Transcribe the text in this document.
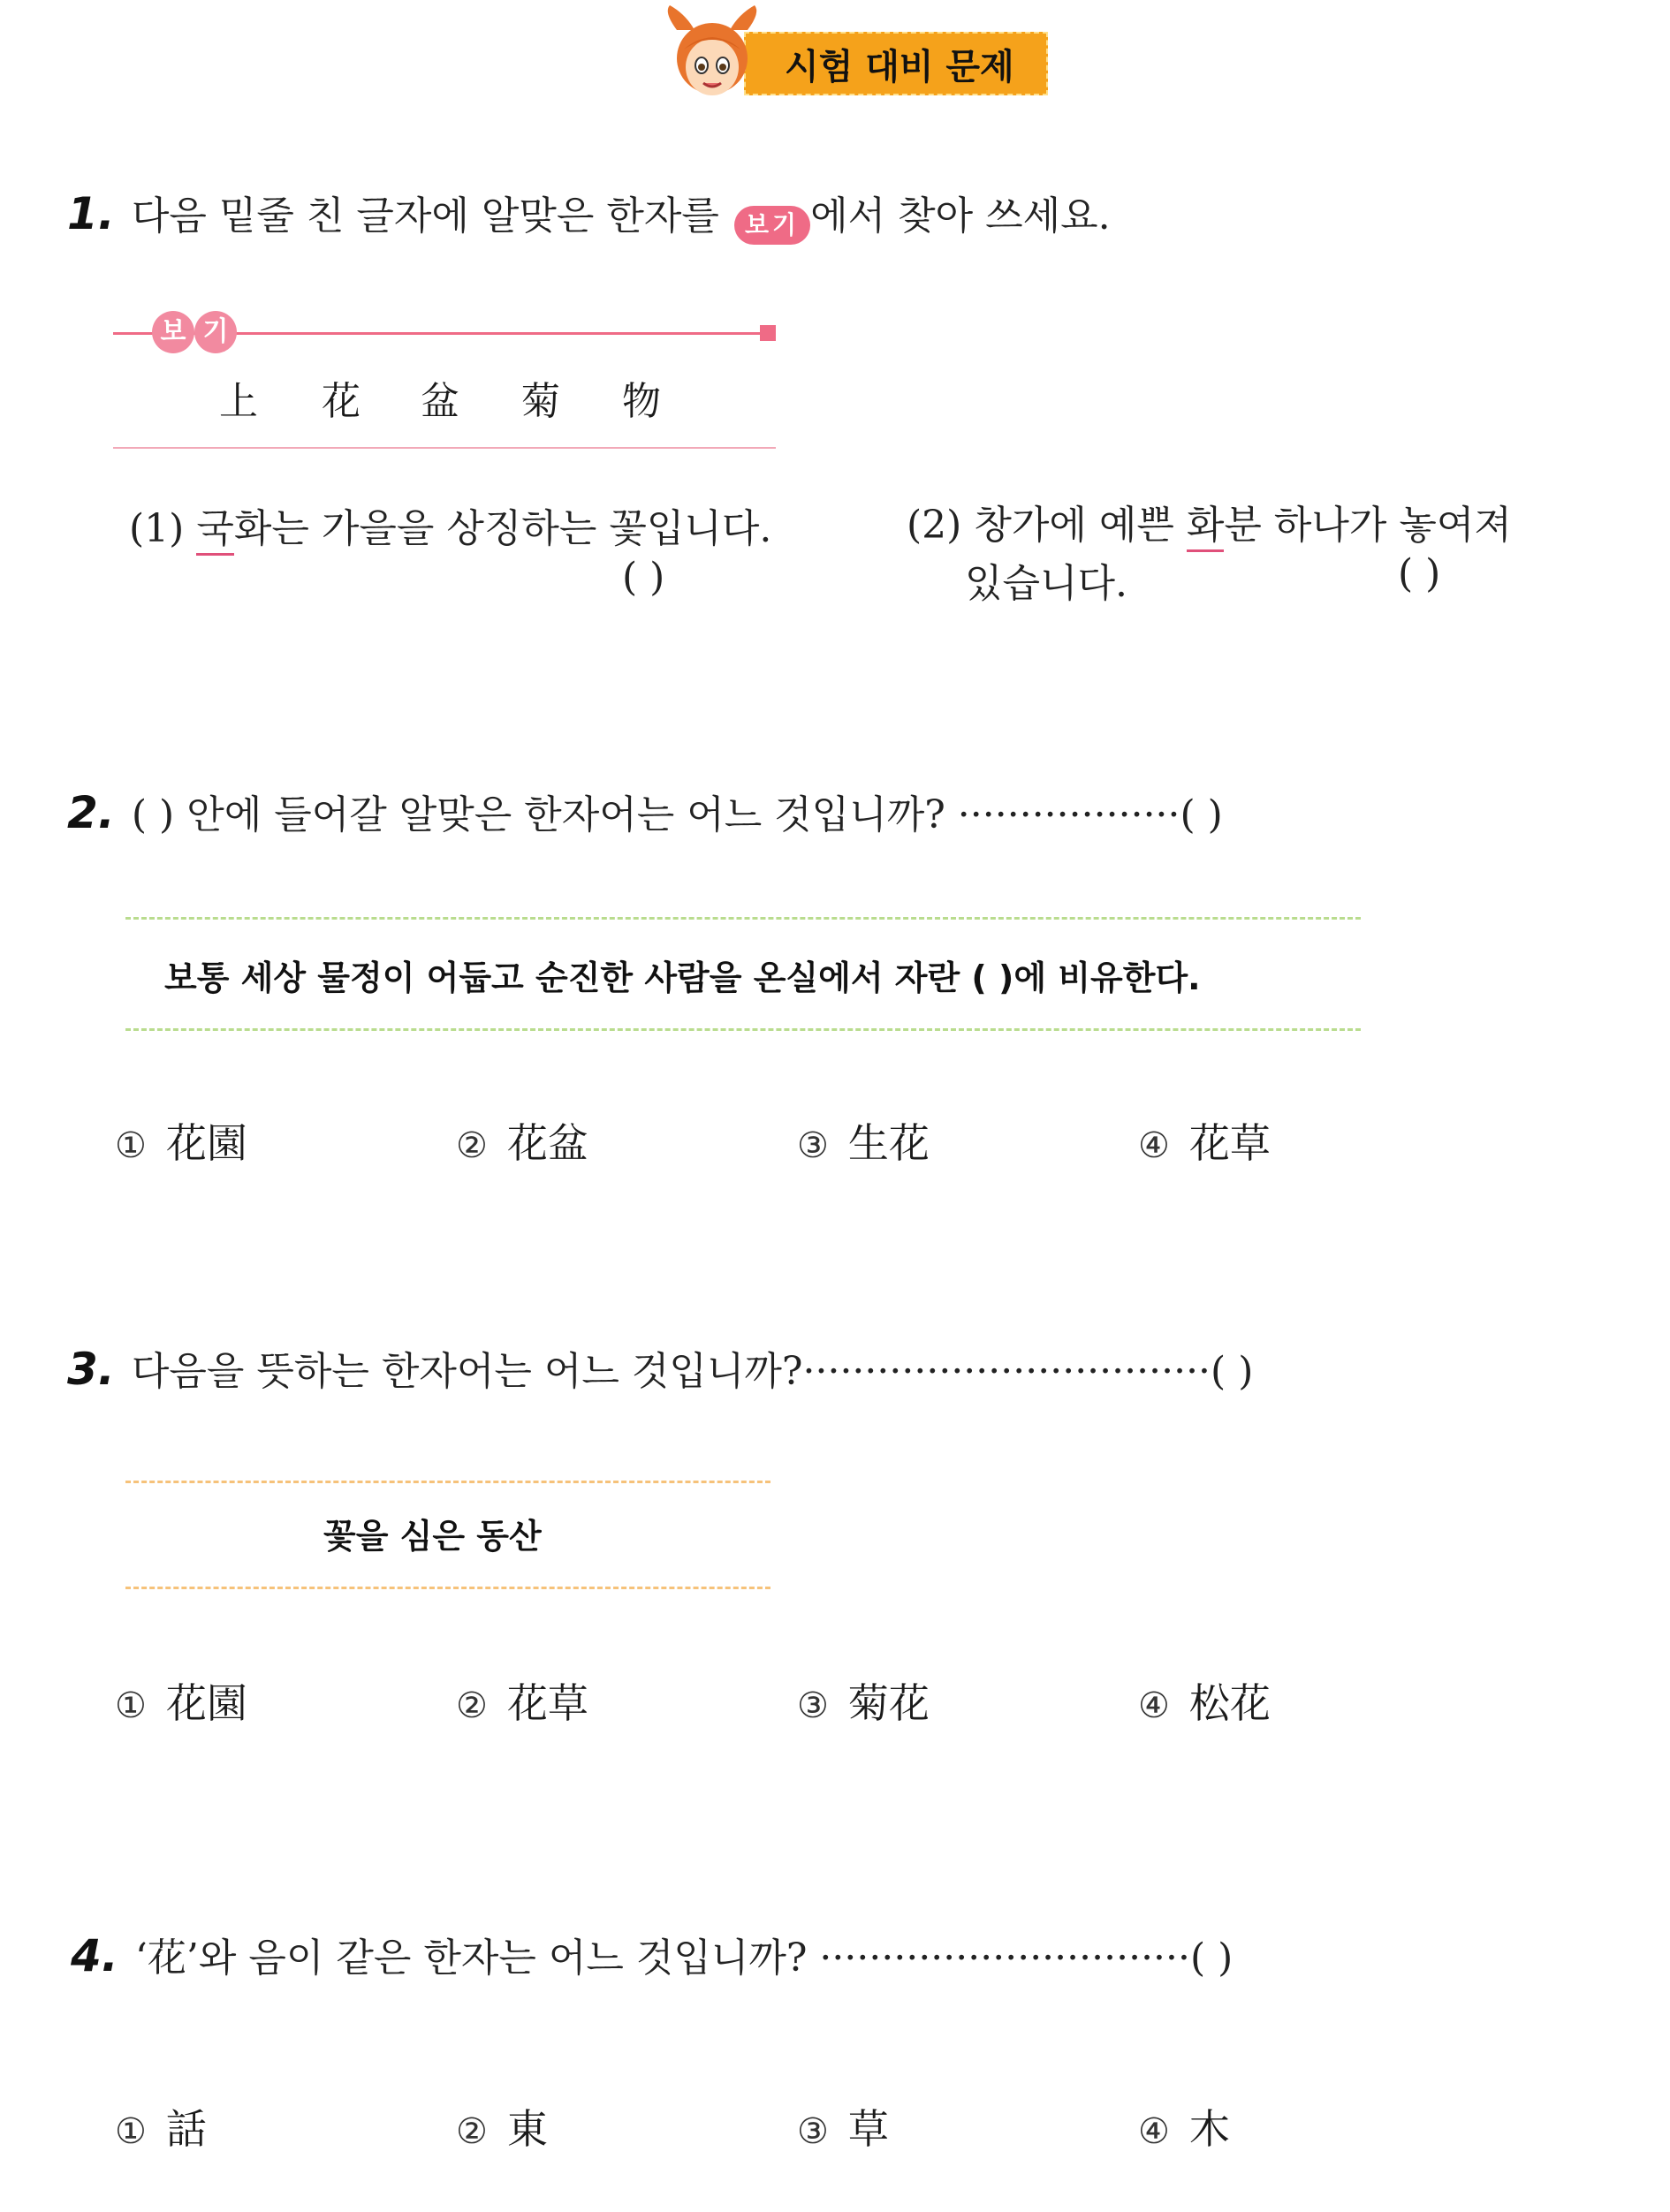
시험 대비 문제
1. 다음 밑줄 친 글자에 알맞은 한자를 보기 에서 찾아 쓰세요.
보 기
上 花 盆 菊 物
(1) 국화는 가을을 상징하는 꽃입니다.
( )
(2) 창가에 예쁜 화분 하나가 놓여져
있습니다.	( )
2. ( ) 안에 들어갈 알맞은 한자어는 어느 것입니까? ··················( )
보통 세상 물정이 어둡고 순진한 사람을 온실에서 자란 ( )에 비유한다.
① 花園	② 花盆	③ 生花	④ 花草
3. 다음을 뜻하는 한자어는 어느 것입니까?·································( )
꽃을 심은 동산
① 花園	② 花草	③ 菊花	④ 松花
4. ‘花’와 음이 같은 한자는 어느 것입니까? ······························( )
① 話	② 東	③ 草	④ 木
